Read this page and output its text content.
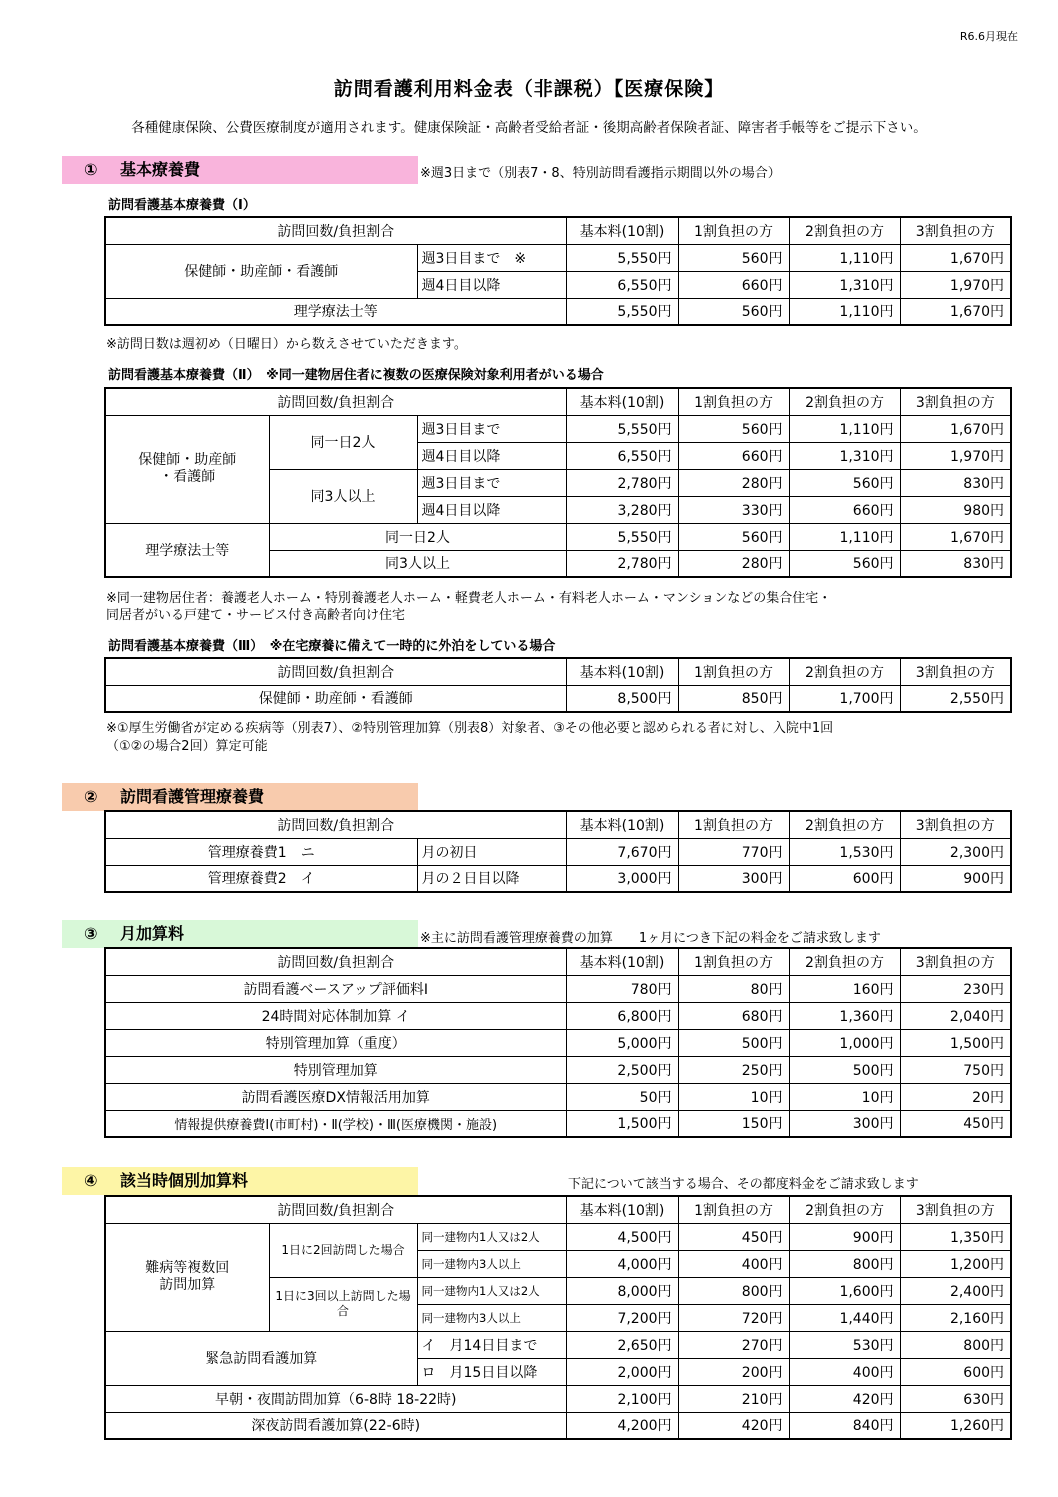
R6.6月現在
訪問看護利用料金表（非課税）【医療保険】
各種健康保険、公費医療制度が適用されます。健康保険証・高齢者受給者証・後期高齢者保険者証、障害者手帳等をご提示下さい。
① 基本療養費	※週3日まで（別表7・8、特別訪問看護指示期間以外の場合）
訪問看護基本療養費（Ⅰ）
訪問回数/負担割合		基本料(10割)	1割負担の方	2割負担の方	3割負担の方
保健師・助産師・看護師	週3日目まで　※	5,550円	560円	1,110円	1,670円
	週4日目以降	6,550円	660円	1,310円	1,970円
理学療法士等		5,550円	560円	1,110円	1,670円
※訪問日数は週初め（日曜日）から数えさせていただきます。
訪問看護基本療養費（Ⅱ）　※同一建物居住者に複数の医療保険対象利用者がいる場合
訪問回数/負担割合			基本料(10割)	1割負担の方	2割負担の方	3割負担の方
保健師・助産師
・看護師	同一日2人	週3日目まで	5,550円	560円	1,110円	1,670円
		週4日目以降	6,550円	660円	1,310円	1,970円
	同3人以上	週3日目まで	2,780円	280円	560円	830円
		週4日目以降	3,280円	330円	660円	980円
理学療法士等	同一日2人		5,550円	560円	1,110円	1,670円
	同3人以上		2,780円	280円	560円	830円
※同一建物居住者：養護老人ホーム・特別養護老人ホーム・軽費老人ホーム・有料老人ホーム・マンションなどの集合住宅・
同居者がいる戸建て・サービス付き高齢者向け住宅
訪問看護基本療養費（Ⅲ）　※在宅療養に備えて一時的に外泊をしている場合
訪問回数/負担割合	基本料(10割)	1割負担の方	2割負担の方	3割負担の方
保健師・助産師・看護師	8,500円	850円	1,700円	2,550円
※①厚生労働省が定める疾病等（別表7）、②特別管理加算（別表8）対象者、③その他必要と認められる者に対し、入院中1回
（①②の場合2回）算定可能
② 訪問看護管理療養費
訪問回数/負担割合		基本料(10割)	1割負担の方	2割負担の方	3割負担の方
管理療養費1　ニ	月の初日	7,670円	770円	1,530円	2,300円
管理療養費2　イ	月の２日目以降	3,000円	300円	600円	900円
③ 月加算料	※主に訪問看護管理療養費の加算　　1ヶ月につき下記の料金をご請求致します
訪問回数/負担割合	基本料(10割)	1割負担の方	2割負担の方	3割負担の方
訪問看護ベースアップ評価料Ⅰ	780円	80円	160円	230円
24時間対応体制加算 イ	6,800円	680円	1,360円	2,040円
特別管理加算（重度）	5,000円	500円	1,000円	1,500円
特別管理加算	2,500円	250円	500円	750円
訪問看護医療DX情報活用加算	50円	10円	10円	20円
情報提供療養費Ⅰ(市町村)・Ⅱ(学校)・Ⅲ(医療機関・施設)	1,500円	150円	300円	450円
④ 該当時個別加算料	下記について該当する場合、その都度料金をご請求致します
訪問回数/負担割合			基本料(10割)	1割負担の方	2割負担の方	3割負担の方
難病等複数回
訪問加算	1日に2回訪問した場合	同一建物内1人又は2人	4,500円	450円	900円	1,350円
		同一建物内3人以上	4,000円	400円	800円	1,200円
	1日に3回以上訪問した場合	同一建物内1人又は2人	8,000円	800円	1,600円	2,400円
		同一建物内3人以上	7,200円	720円	1,440円	2,160円
緊急訪問看護加算		イ　月14日目まで	2,650円	270円	530円	800円
		ロ　月15日目以降	2,000円	200円	400円	600円
早朝・夜間訪問加算（6-8時 18-22時)			2,100円	210円	420円	630円
深夜訪問看護加算(22-6時)			4,200円	420円	840円	1,260円
